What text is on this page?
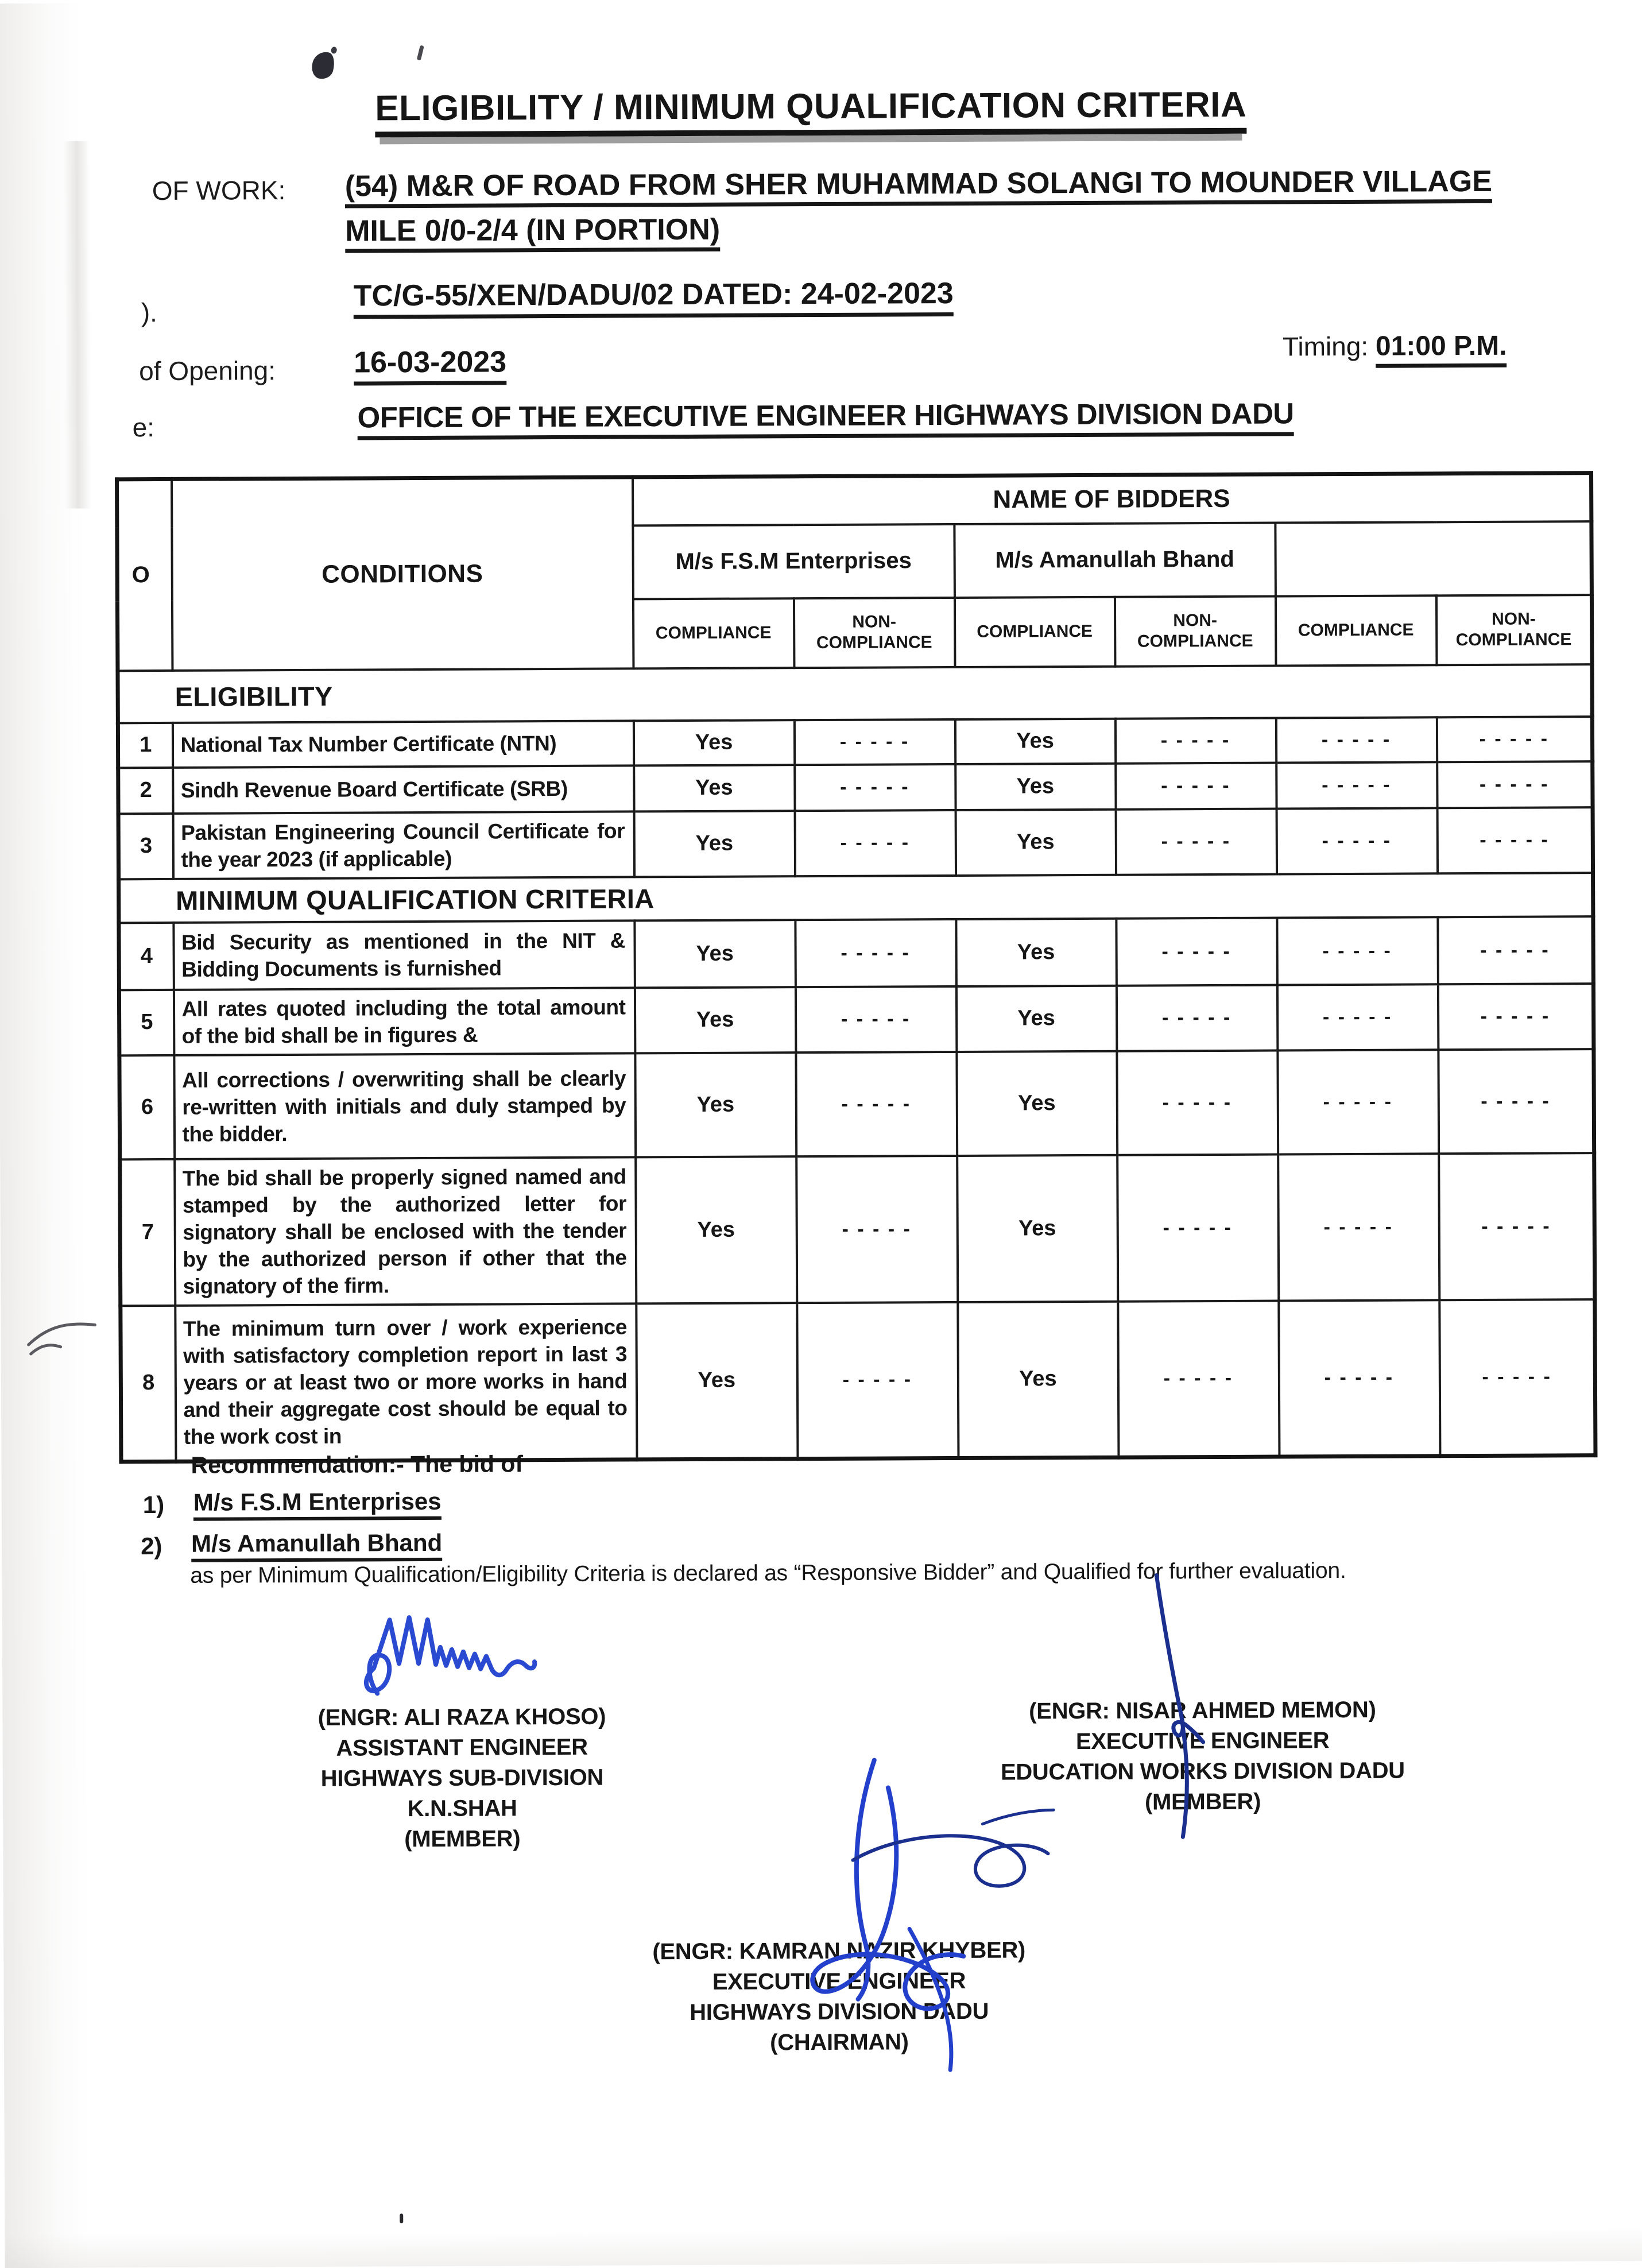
ELIGIBILITY / MINIMUM QUALIFICATION CRITERIA
OF WORK: (54) M&R OF ROAD FROM SHER MUHAMMAD SOLANGI TO MOUNDER VILLAGE
MILE 0/0-2/4 (IN PORTION)
).	TC/G-55/XEN/DADU/02 DATED: 24-02-2023
of Opening:	16-03-2023	Timing: 01:00 P.M.
e:	OFFICE OF THE EXECUTIVE ENGINEER HIGHWAYS DIVISION DADU
O	CONDITIONS	NAME OF BIDDERS					
		M/s F.S.M Enterprises		M/s Amanullah Bhand			
		COMPLIANCE	NON-COMPLIANCE	COMPLIANCE	NON-COMPLIANCE	COMPLIANCE	NON-COMPLIANCE
ELIGIBILITY							
1	National Tax Number Certificate (NTN)	Yes	- - - - -	Yes	- - - - -	- - - - -	- - - - -
2	Sindh Revenue Board Certificate (SRB)	Yes	- - - - -	Yes	- - - - -	- - - - -	- - - - -
3	Pakistan Engineering Council Certificate for the year 2023 (if applicable)	Yes	- - - - -	Yes	- - - - -	- - - - -	- - - - -
MINIMUM QUALIFICATION CRITERIA							
4	Bid Security as mentioned in the NIT & Bidding Documents is furnished	Yes	- - - - -	Yes	- - - - -	- - - - -	- - - - -
5	All rates quoted including the total amount of the bid shall be in figures &	Yes	- - - - -	Yes	- - - - -	- - - - -	- - - - -
6	All corrections / overwriting shall be clearly re-written with initials and duly stamped by the bidder.	Yes	- - - - -	Yes	- - - - -	- - - - -	- - - - -
7	The bid shall be properly signed named and stamped by the authorized letter for signatory shall be enclosed with the tender by the authorized person if other that the signatory of the firm.	Yes	- - - - -	Yes	- - - - -	- - - - -	- - - - -
8	The minimum turn over / work experience with satisfactory completion report in last 3 years or at least two or more works in hand and their aggregate cost should be equal to the work cost in	Yes	- - - - -	Yes	- - - - -	- - - - -	- - - - -
Recommendation:- The bid of
1) M/s F.S.M Enterprises
2) M/s Amanullah Bhand
as per Minimum Qualification/Eligibility Criteria is declared as “Responsive Bidder” and Qualified for further evaluation.
(ENGR: ALI RAZA KHOSO)
ASSISTANT ENGINEER
HIGHWAYS SUB-DIVISION K.N.SHAH
(MEMBER)
(ENGR: NISAR AHMED MEMON)
EXECUTIVE ENGINEER
EDUCATION WORKS DIVISION DADU
(MEMBER)
(ENGR: KAMRAN NAZIR KHYBER)
EXECUTIVE ENGINEER
HIGHWAYS DIVISION DADU
(CHAIRMAN)
